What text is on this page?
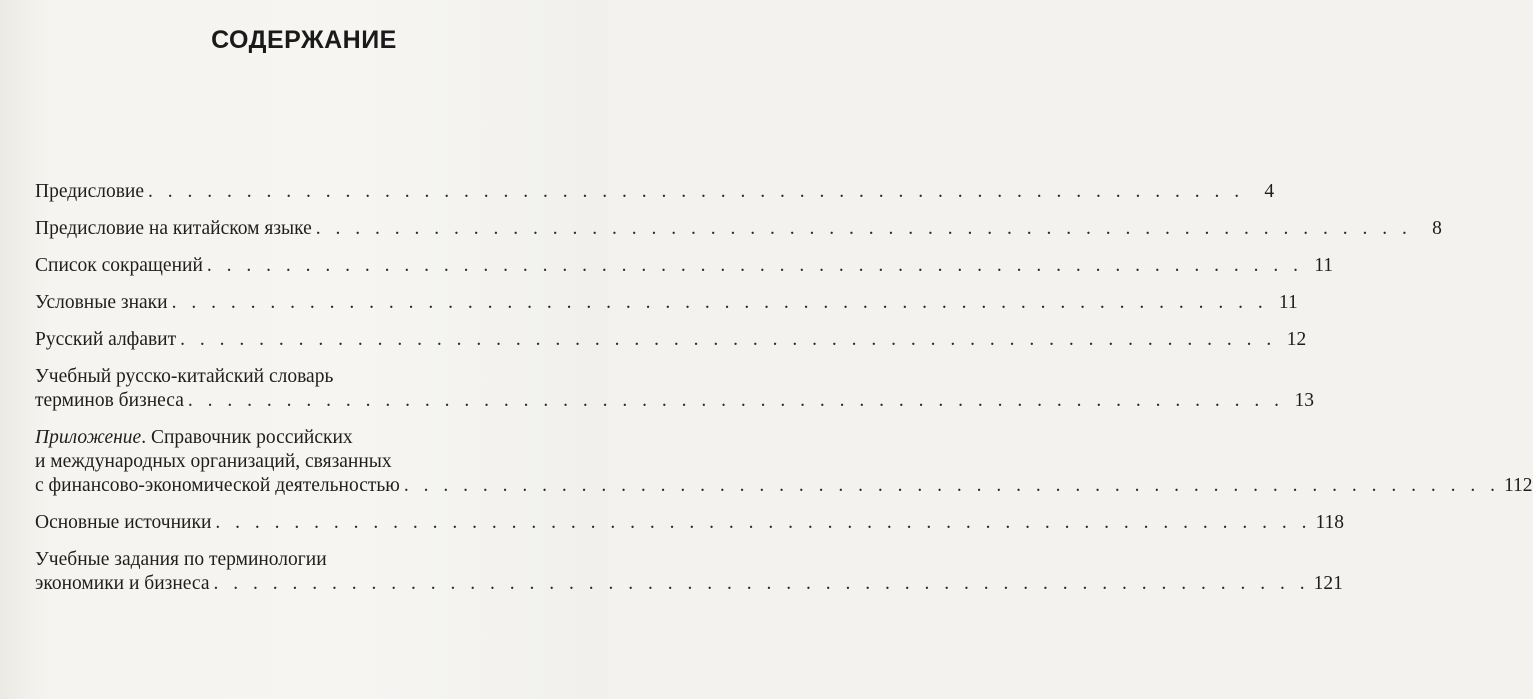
СОДЕРЖАНИЕ
Предисловие . . . . . . . . . . . . . . . . . . . . . . . . . . . . . . . . . . . . . . . . . . . . . . . . . . . . . . . .	4
Предисловие на китайском языке . . . . . . . . . . . . . . . . . . . . . . . . . . . . . . . . . . . . . . . . . . . . . . . . . . . . . . . .	8
Список сокращений . . . . . . . . . . . . . . . . . . . . . . . . . . . . . . . . . . . . . . . . . . . . . . . . . . . . . . . . 11
Условные знаки . . . . . . . . . . . . . . . . . . . . . . . . . . . . . . . . . . . . . . . . . . . . . . . . . . . . . . . . 11
Русский алфавит . . . . . . . . . . . . . . . . . . . . . . . . . . . . . . . . . . . . . . . . . . . . . . . . . . . . . . . . 12
Учебный русско-китайский словарь
терминов бизнеса . . . . . . . . . . . . . . . . . . . . . . . . . . . . . . . . . . . . . . . . . . . . . . . . . . . . . . . . 13
Приложение. Справочник российских
и международных организаций, связанных
с финансово-экономической деятельностью . . . . . . . . . . . . . . . . . . . . . . . . . . . . . . . . . . . . . . . . . . . . . . . . . . . . . . . . 112
Основные источники . . . . . . . . . . . . . . . . . . . . . . . . . . . . . . . . . . . . . . . . . . . . . . . . . . . . . . . . 118
Учебные задания по терминологии
экономики и бизнеса . . . . . . . . . . . . . . . . . . . . . . . . . . . . . . . . . . . . . . . . . . . . . . . . . . . . . . . . 121
